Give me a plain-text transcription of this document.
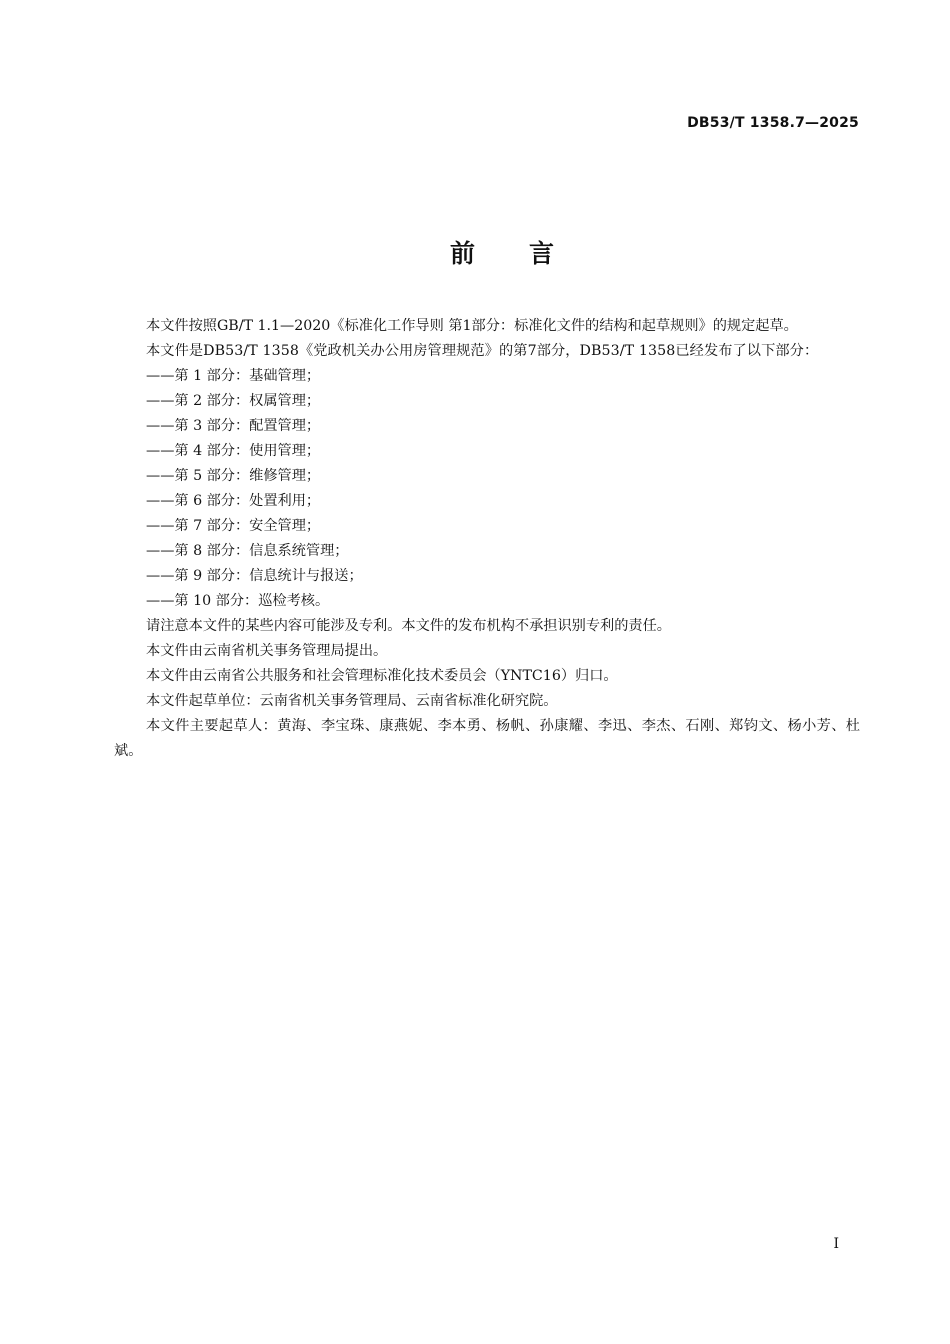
DB53/T 1358.7—2025
前 言

本文件按照GB/T 1.1—2020《标准化工作导则 第1部分：标准化文件的结构和起草规则》的规定起草。

本文件是DB53/T 1358《党政机关办公用房管理规范》的第7部分，DB53/T 1358已经发布了以下部分：

——第 1 部分：基础管理；

——第 2 部分：权属管理；

——第 3 部分：配置管理；

——第 4 部分：使用管理；

——第 5 部分：维修管理；

——第 6 部分：处置利用；

——第 7 部分：安全管理；

——第 8 部分：信息系统管理；

——第 9 部分：信息统计与报送；

——第 10 部分：巡检考核。

请注意本文件的某些内容可能涉及专利。本文件的发布机构不承担识别专利的责任。

本文件由云南省机关事务管理局提出。

本文件由云南省公共服务和社会管理标准化技术委员会（YNTC16）归口。

本文件起草单位：云南省机关事务管理局、云南省标准化研究院。

本文件主要起草人：黄海、李宝珠、康燕妮、李本勇、杨帆、孙康耀、李迅、李杰、石刚、郑钧文、杨小芳、杜斌。

I
